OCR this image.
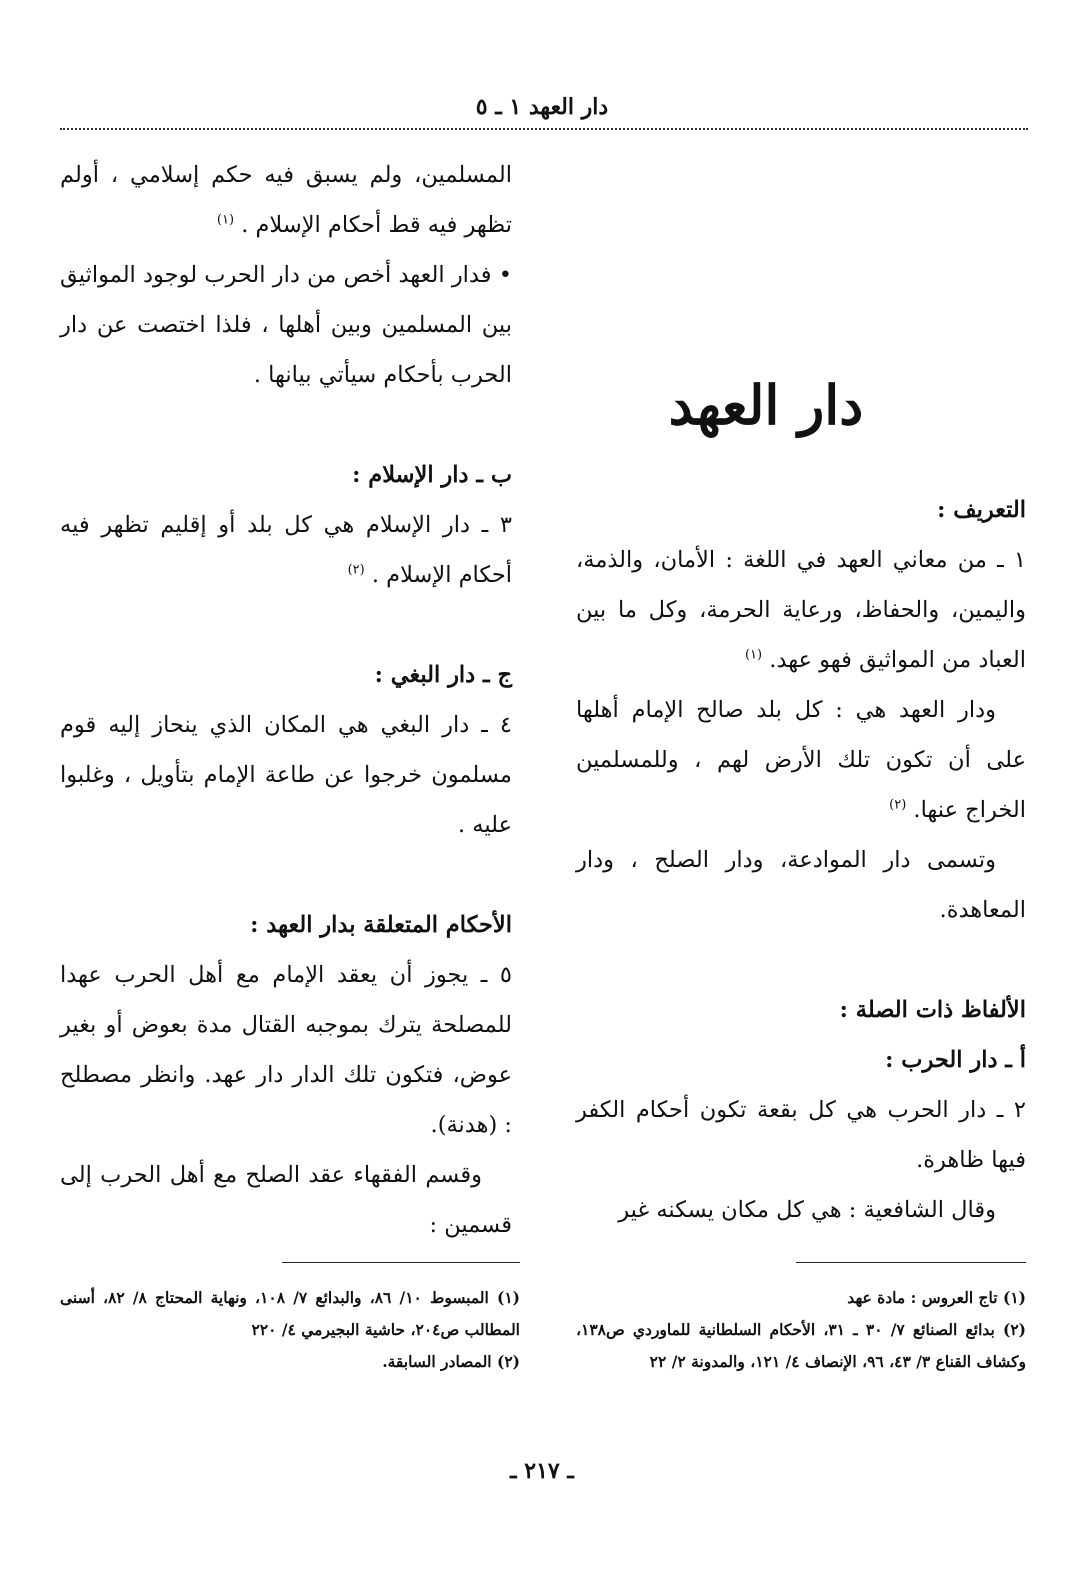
دار العهد ١ ـ ٥
دار العهد

التعريف :

١ ـ من معاني العهد في اللغة : الأمان، والذمة، واليمين، والحفاظ، ورعاية الحرمة، وكل ما بين العباد من المواثيق فهو عهد. $^{(١)}$

ودار العهد هي : كل بلد صالح الإمام أهلها على أن تكون تلك الأرض لهم ، وللمسلمين الخراج عنها. $^{(٢)}$

وتسمى دار الموادعة، ودار الصلح ، ودار المعاهدة.

الألفاظ ذات الصلة :

أ ـ دار الحرب :

٢ ـ دار الحرب هي كل بقعة تكون أحكام الكفر فيها ظاهرة.

وقال الشافعية : هي كل مكان يسكنه غير

المسلمين، ولم يسبق فيه حكم إسلامي ، أولم تظهر فيه قط أحكام الإسلام . $^{(١)}$

• فدار العهد أخص من دار الحرب لوجود المواثيق بين المسلمين وبين أهلها ، فلذا اختصت عن دار الحرب بأحكام سيأتي بيانها .

ب ـ دار الإسلام :

٣ ـ دار الإسلام هي كل بلد أو إقليم تظهر فيه أحكام الإسلام . $^{(٢)}$

ج ـ دار البغي :

٤ ـ دار البغي هي المكان الذي ينحاز إليه قوم مسلمون خرجوا عن طاعة الإمام بتأويل ، وغلبوا عليه .

الأحكام المتعلقة بدار العهد :

٥ ـ يجوز أن يعقد الإمام مع أهل الحرب عهدا للمصلحة يترك بموجبه القتال مدة بعوض أو بغير عوض، فتكون تلك الدار دار عهد. وانظر مصطلح : (هدنة).

وقسم الفقهاء عقد الصلح مع أهل الحرب إلى قسمين :

(١) تاج العروس : مادة عهد

(٢) بدائع الصنائع ٧/ ٣٠ ـ ٣١، الأحكام السلطانية للماوردي ص١٣٨، وكشاف القناع ٣/ ٤٣، ٩٦، الإنصاف ٤/ ١٢١، والمدونة ٢/ ٢٢

(١) المبسوط ١٠/ ٨٦، والبدائع ٧/ ١٠٨، ونهاية المحتاج ٨/ ٨٢، أسنى المطالب ص٢٠٤، حاشية البجيرمي ٤/ ٢٢٠

(٢) المصادر السابقة.

ـ ٢١٧ ـ
